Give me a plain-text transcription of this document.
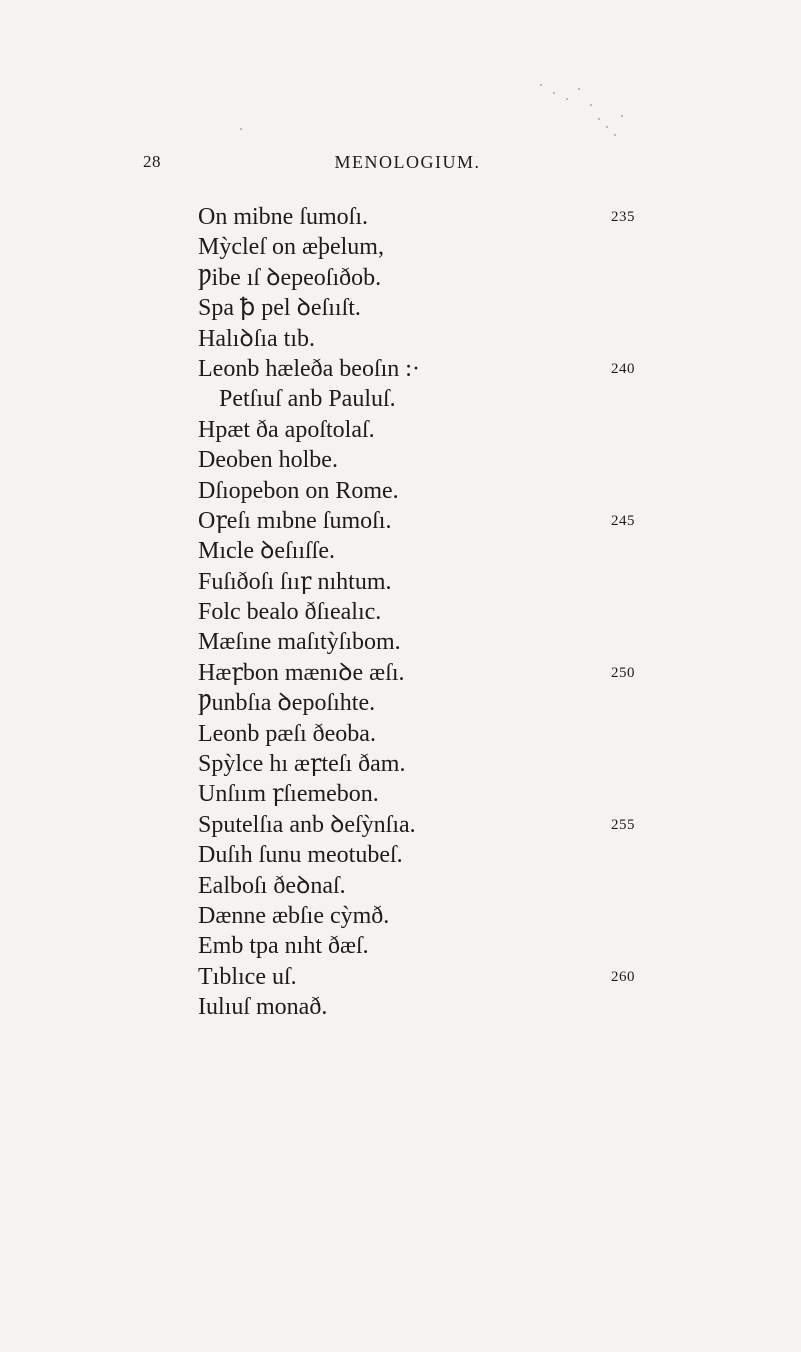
28	MENOLOGIUM.
On mibne ſumoſı.	235
Mỳcleſ on æþelum,
Ƿibe ıſ ꝺepeoſıðob.
Spa ꝥ pel ꝺeſııſt.
Halıꝺſıa tıb.
Leonb hæleða beoſın :·	240
Petſıuſ anb Pauluſ.
Hpæt ða apoſtolaſ.
Deoben holbe.
Dſıopebon on Rome.
Oꝼeſı mıbne ſumoſı.	245
Mıcle ꝺeſııſſe.
Fuſıðoſı ſııꝼ nıhtum.
Folc bealo ðſıealıc.
Mæſıne maſıtỳſıbom.
Hæꝼbon mænıꝺe æſı.	250
Ƿunbſıa ꝺepoſıhte.
Leonb pæſı ðeoba.
Spỳlce hı æꝼteſı ðam.
Unſıım ꝼſıemebon.
Sputelſıa anb ꝺeſỳnſıa.	255
Duſıh ſunu meotubeſ.
Ealboſı ðeꝺnaſ.
Dænne æbſıe cỳmð.
Emb tpa nıht ðæſ.
Tıblıce uſ.	260
Iulıuſ monað.
